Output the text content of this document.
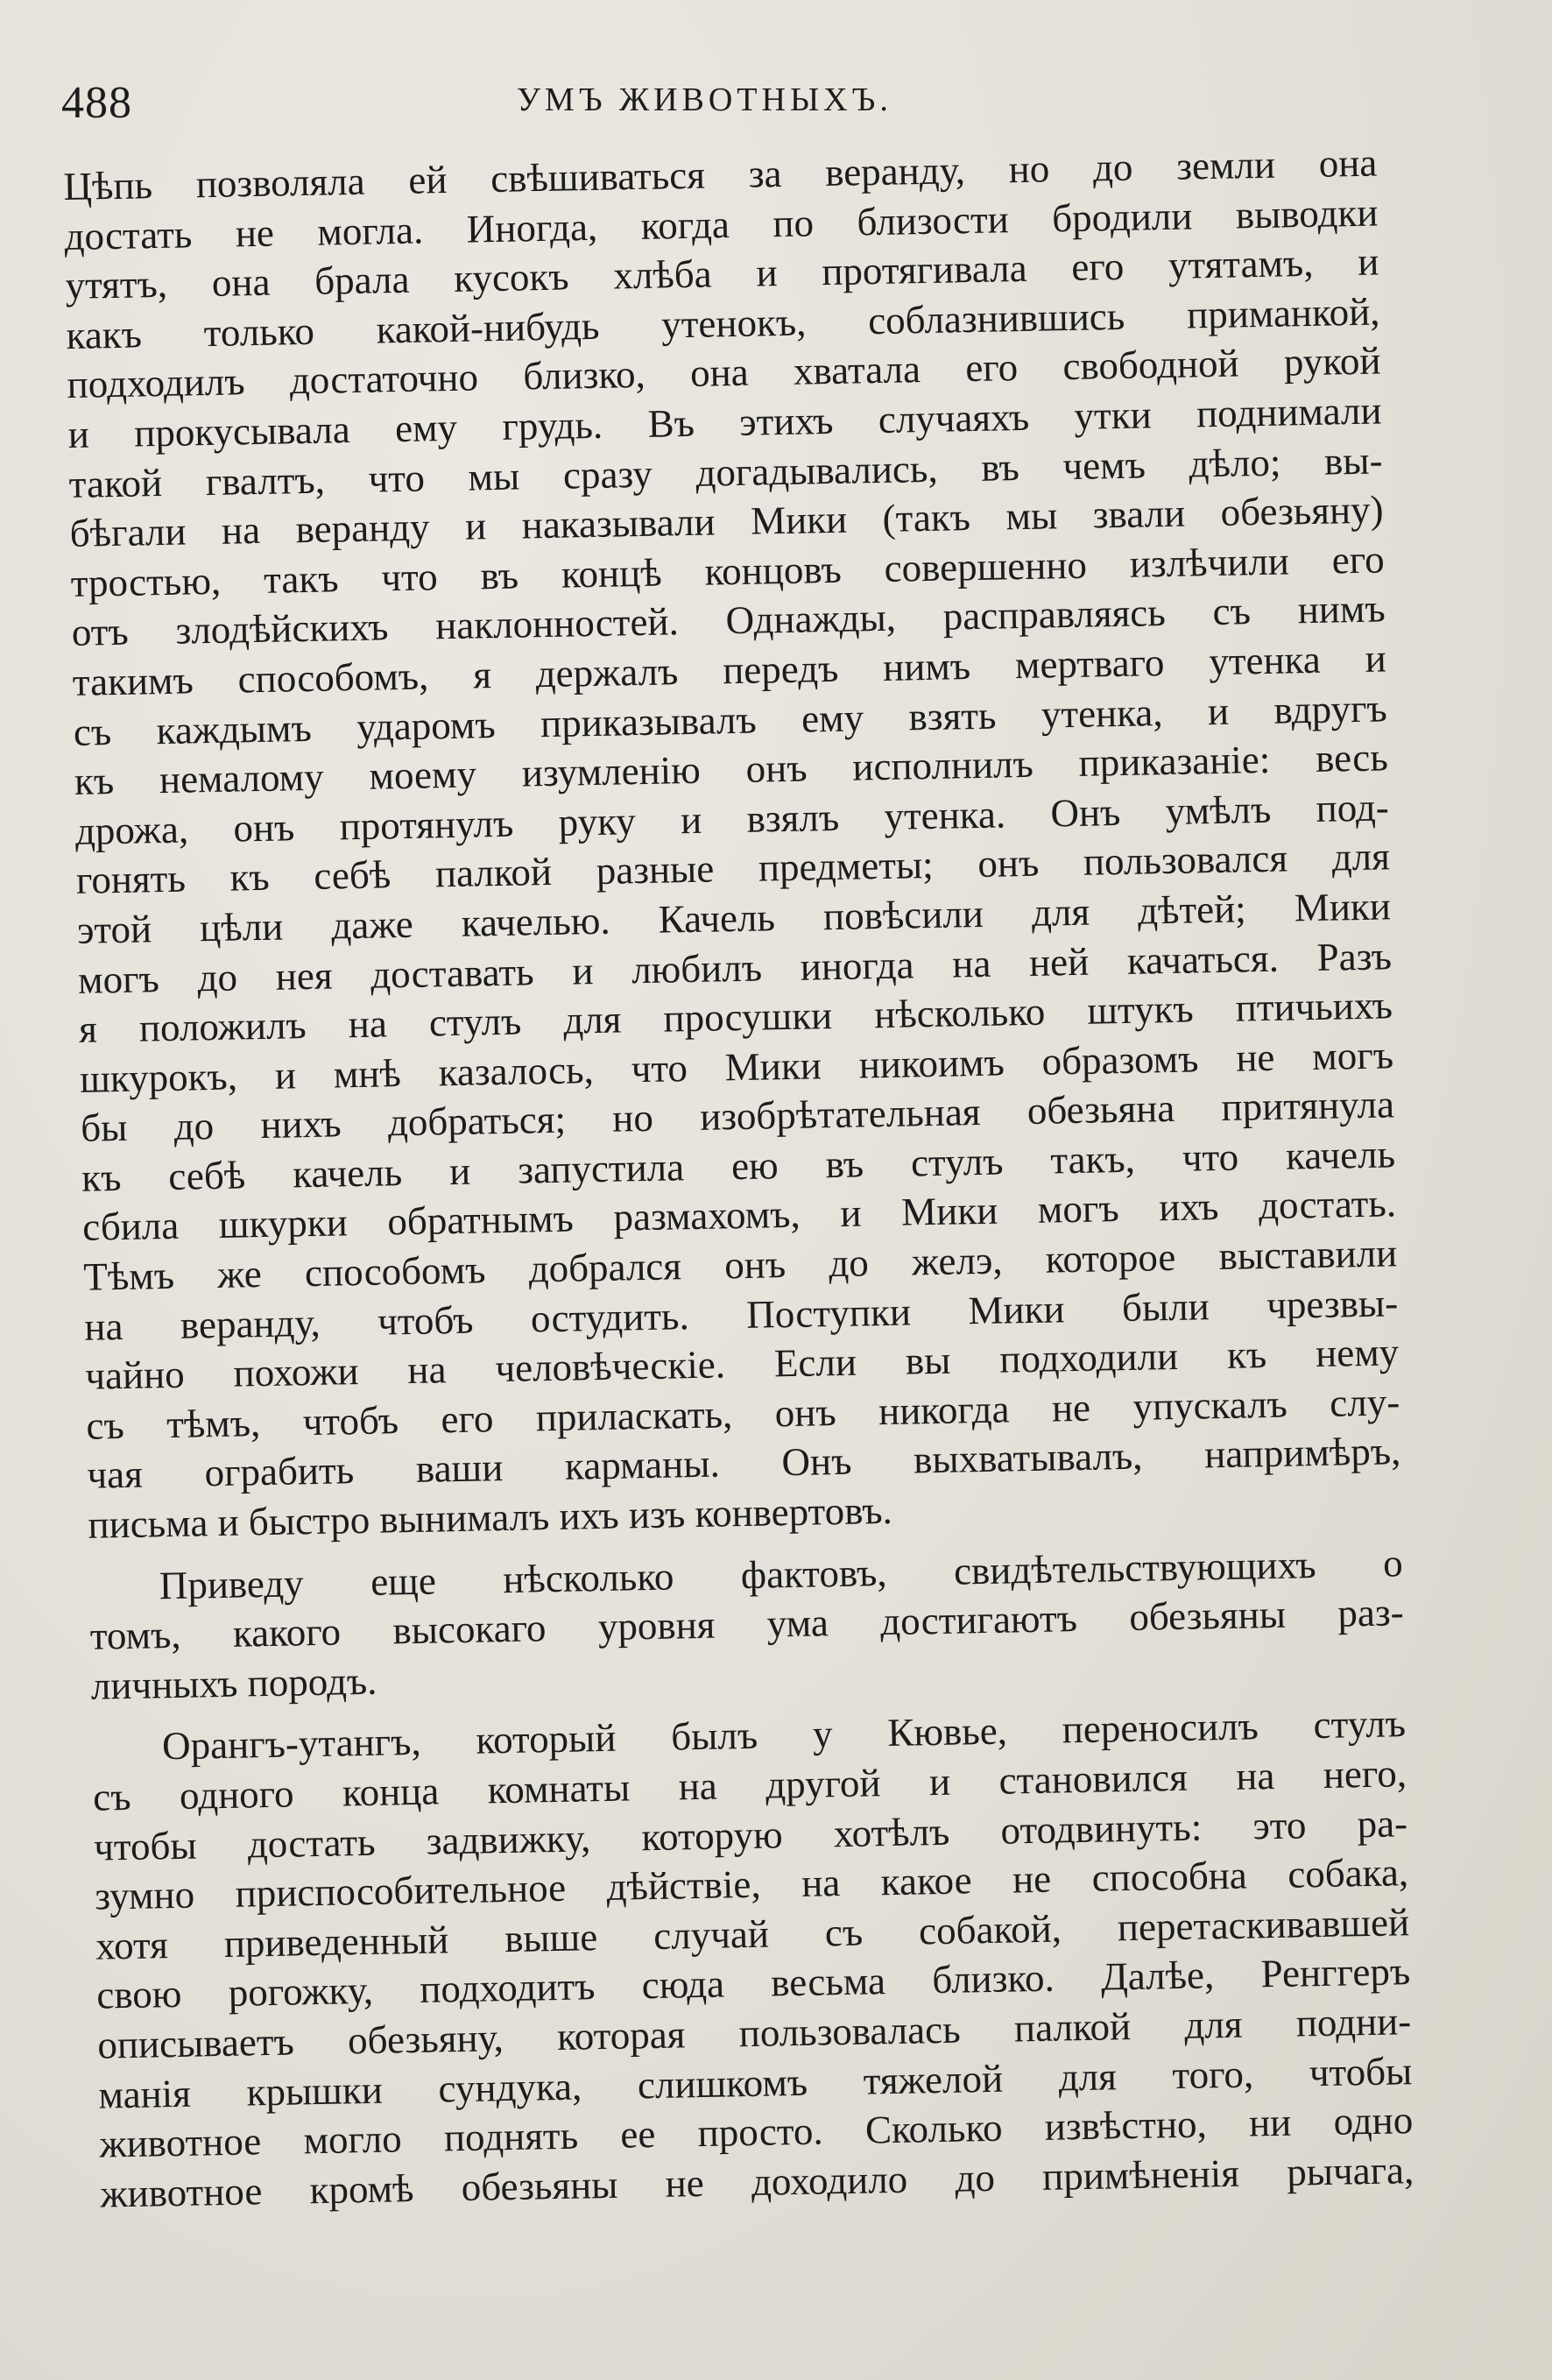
488	УМЪ ЖИВОТНЫХЪ.
Цѣпь позволяла ей свѣшиваться за веранду, но до земли она
достать не могла. Иногда, когда по близости бродили выводки
утятъ, она брала кусокъ хлѣба и протягивала его утятамъ, и
какъ только какой-нибудь утенокъ, соблазнившись приманкой,
подходилъ достаточно близко, она хватала его свободной рукой
и прокусывала ему грудь. Въ этихъ случаяхъ утки поднимали
такой гвалтъ, что мы сразу догадывались, въ чемъ дѣло; вы-
бѣгали на веранду и наказывали Мики (такъ мы звали обезьяну)
тростью, такъ что въ концѣ концовъ совершенно излѣчили его
отъ злодѣйскихъ наклонностей. Однажды, расправляясь съ нимъ
такимъ способомъ, я держалъ передъ нимъ мертваго утенка и
съ каждымъ ударомъ приказывалъ ему взять утенка, и вдругъ
къ немалому моему изумленію онъ исполнилъ приказаніе: весь
дрожа, онъ протянулъ руку и взялъ утенка. Онъ умѣлъ под-
гонять къ себѣ палкой разные предметы; онъ пользовался для
этой цѣли даже качелью. Качель повѣсили для дѣтей; Мики
могъ до нея доставать и любилъ иногда на ней качаться. Разъ
я положилъ на стулъ для просушки нѣсколько штукъ птичьихъ
шкурокъ, и мнѣ казалось, что Мики никоимъ образомъ не могъ
бы до нихъ добраться; но изобрѣтательная обезьяна притянула
къ себѣ качель и запустила ею въ стулъ такъ, что качель
сбила шкурки обратнымъ размахомъ, и Мики могъ ихъ достать.
Тѣмъ же способомъ добрался онъ до желэ, которое выставили
на веранду, чтобъ остудить. Поступки Мики были чрезвы-
чайно похожи на человѣческіе. Если вы подходили къ нему
съ тѣмъ, чтобъ его приласкать, онъ никогда не упускалъ слу-
чая ограбить ваши карманы. Онъ выхватывалъ, напримѣръ,
письма и быстро вынималъ ихъ изъ конвертовъ.
Приведу еще нѣсколько фактовъ, свидѣтельствующихъ о
томъ, какого высокаго уровня ума достигаютъ обезьяны раз-
личныхъ породъ.
Орангъ-утангъ, который былъ у Кювье, переносилъ стулъ
съ одного конца комнаты на другой и становился на него,
чтобы достать задвижку, которую хотѣлъ отодвинуть: это ра-
зумно приспособительное дѣйствіе, на какое не способна собака,
хотя приведенный выше случай съ собакой, перетаскивавшей
свою рогожку, подходитъ сюда весьма близко. Далѣе, Ренггеръ
описываетъ обезьяну, которая пользовалась палкой для подни-
манія крышки сундука, слишкомъ тяжелой для того, чтобы
животное могло поднять ее просто. Сколько извѣстно, ни одно
животное кромѣ обезьяны не доходило до примѣненія рычага,
